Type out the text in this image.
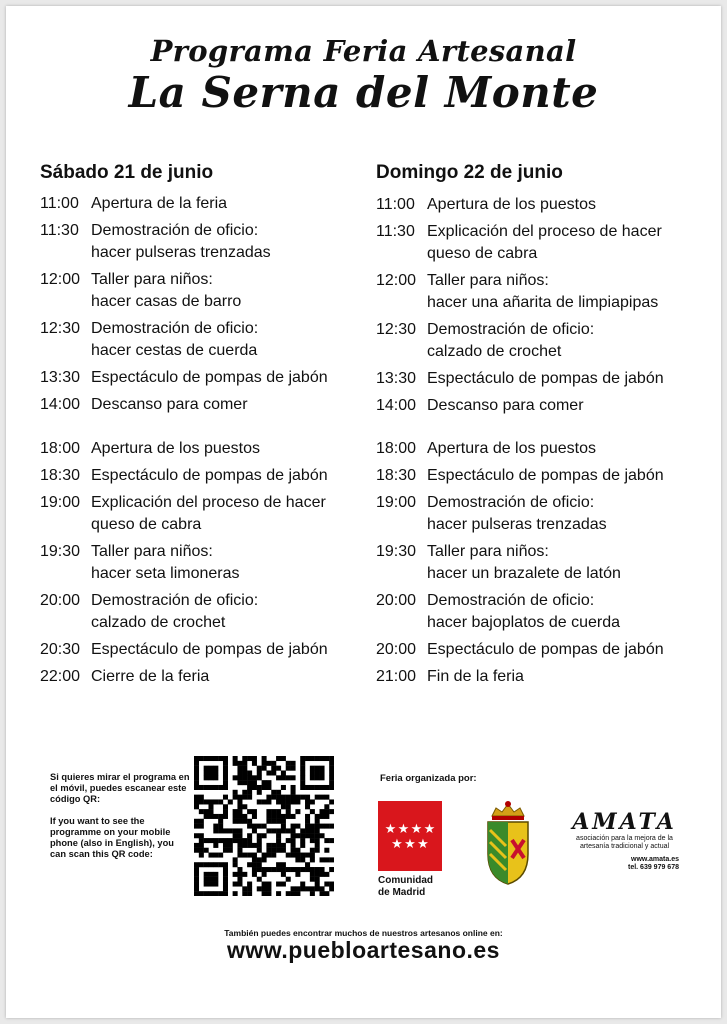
Programa Feria Artesanal
La Serna del Monte
Sábado 21 de junio
11:00 Apertura de la feria
11:30 Demostración de oficio:
hacer pulseras trenzadas
12:00 Taller para niños:
hacer casas de barro
12:30 Demostración de oficio:
hacer cestas de cuerda
13:30 Espectáculo de pompas de jabón
14:00 Descanso para comer
18:00 Apertura de los puestos
18:30 Espectáculo de pompas de jabón
19:00 Explicación del proceso de hacer
queso de cabra
19:30 Taller para niños:
hacer seta limoneras
20:00 Demostración de oficio:
calzado de crochet
20:30 Espectáculo de pompas de jabón
22:00 Cierre de la feria
Domingo 22 de junio
11:00 Apertura de los puestos
11:30 Explicación del proceso de hacer
queso de cabra
12:00 Taller para niños:
hacer una añarita de limpiapipas
12:30 Demostración de oficio:
calzado de crochet
13:30 Espectáculo de pompas de jabón
14:00 Descanso para comer
18:00 Apertura de los puestos
18:30 Espectáculo de pompas de jabón
19:00 Demostración de oficio:
hacer pulseras trenzadas
19:30 Taller para niños:
hacer un brazalete de latón
20:00 Demostración de oficio:
hacer bajoplatos de cuerda
20:00 Espectáculo de pompas de jabón
21:00 Fin de la feria

Si quieres mirar el programa en el móvil, puedes escanear este código QR:

If you want to see the programme on your mobile phone (also in English), you can scan this QR code:

Feria organizada por:
★ ★ ★ ★
★ ★ ★
Comunidad
de Madrid
AMATA
asociación para la mejora de la artesanía tradicional y actual
www.amata.es
tel. 639 979 678
También puedes encontrar muchos de nuestros artesanos online en:
www.puebloartesano.es
